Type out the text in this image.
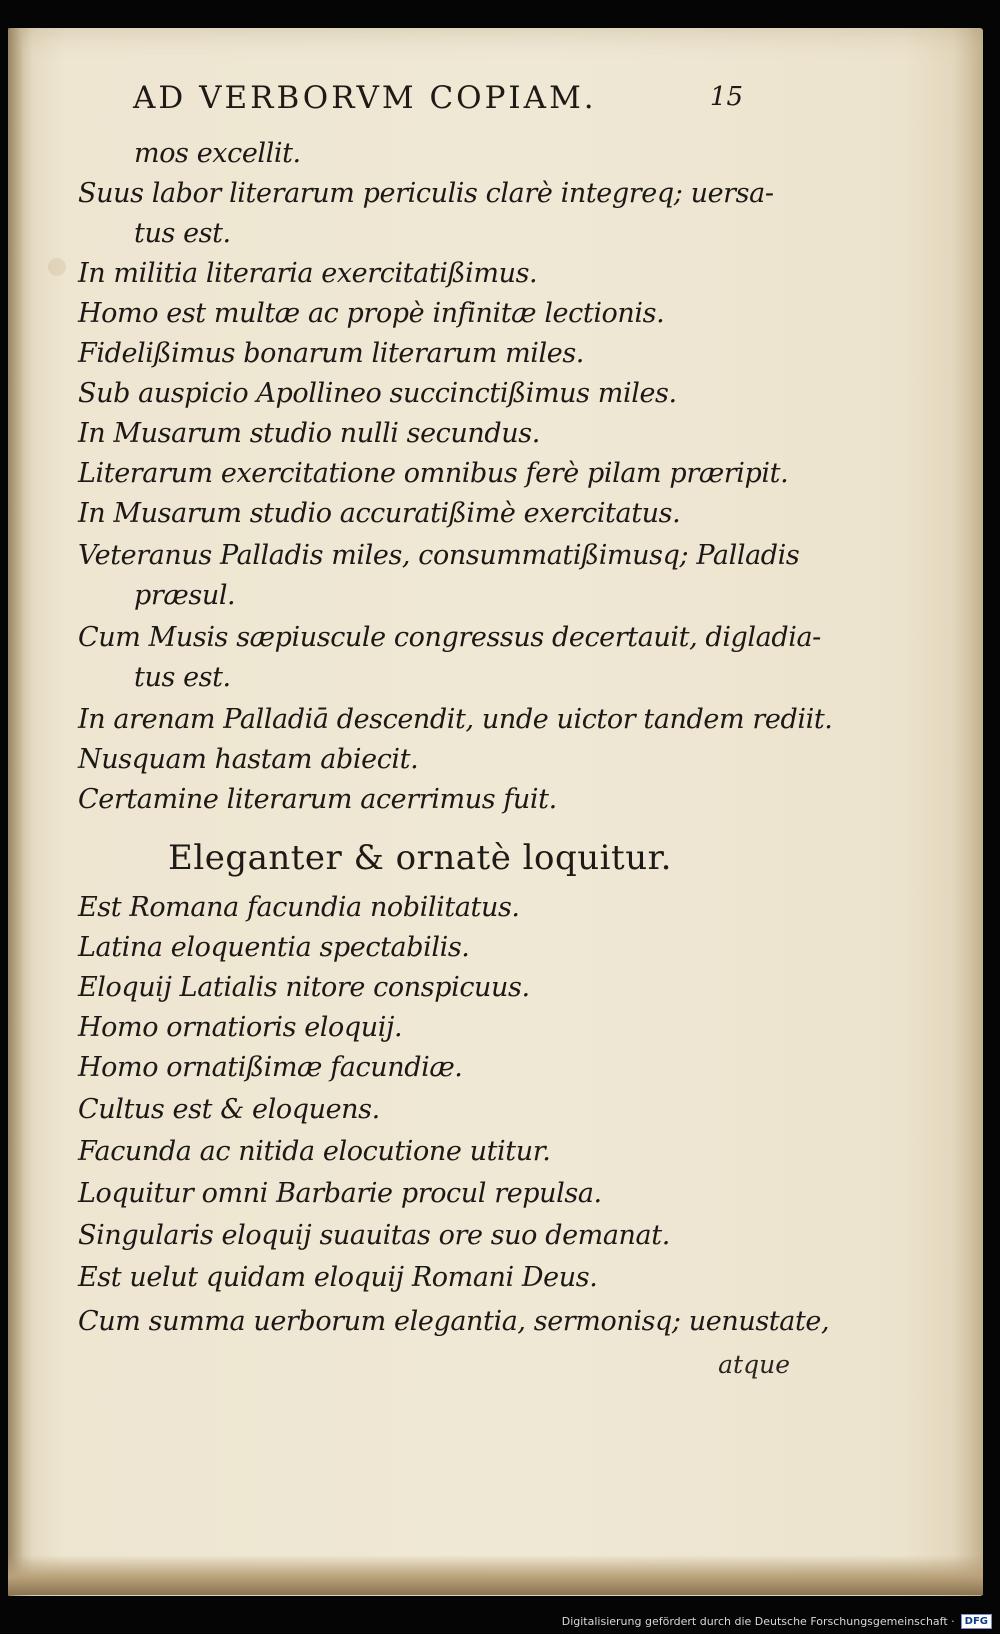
AD VERBORVM COPIAM.	15
mos excellit.
Suus labor literarum periculis clarè integreq; uersa-
tus est.
In militia literaria exercitatißimus.
Homo est multæ ac propè infinitæ lectionis.
Fidelißimus bonarum literarum miles.
Sub auspicio Apollineo succinctißimus miles.
In Musarum studio nulli secundus.
Literarum exercitatione omnibus ferè pilam præripit.
In Musarum studio accuratißimè exercitatus.
Veteranus Palladis miles, consummatißimusq; Palladis
præsul.
Cum Musis sæpiuscule congressus decertauit, digladia-
tus est.
In arenam Palladiā descendit, unde uictor tandem rediit.
Nusquam hastam abiecit.
Certamine literarum acerrimus fuit.
Eleganter & ornatè loquitur.
Est Romana facundia nobilitatus.
Latina eloquentia spectabilis.
Eloquij Latialis nitore conspicuus.
Homo ornatioris eloquij.
Homo ornatißimæ facundiæ.
Cultus est & eloquens.
Facunda ac nitida elocutione utitur.
Loquitur omni Barbarie procul repulsa.
Singularis eloquij suauitas ore suo demanat.
Est uelut quidam eloquij Romani Deus.
Cum summa uerborum elegantia, sermonisq; uenustate,
atque
Digitalisierung gefördert durch die Deutsche Forschungsgemeinschaft ·	DFG
